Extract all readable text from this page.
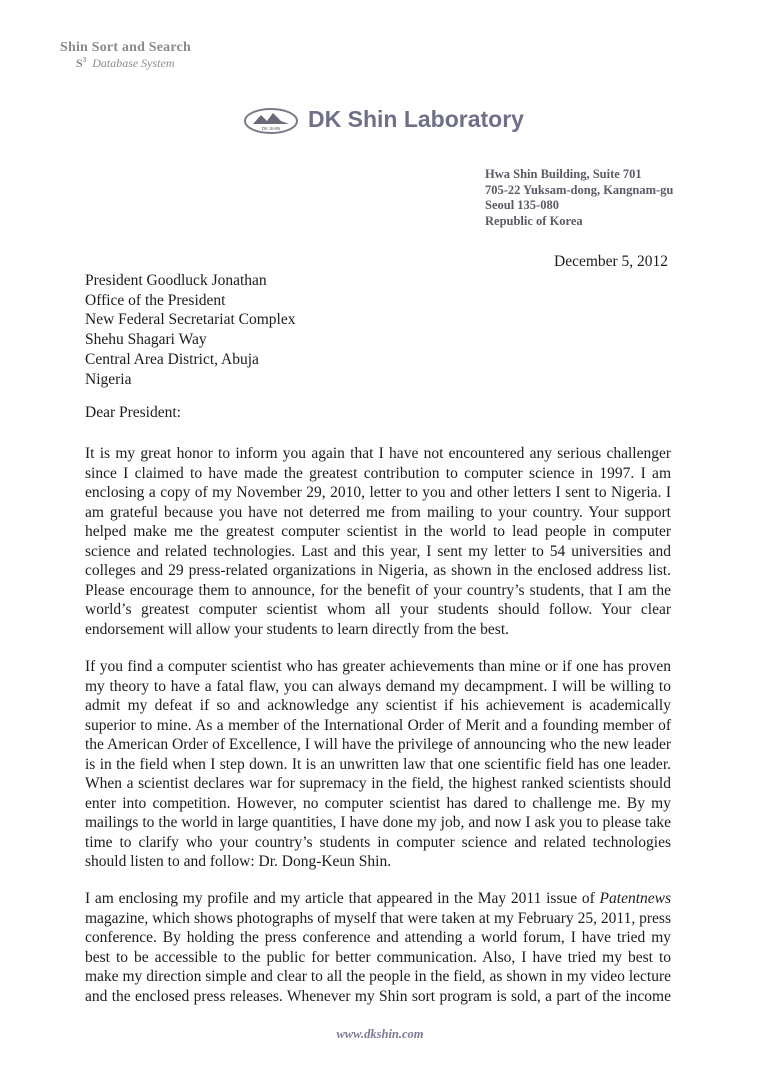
Shin Sort and Search
$S^3$ Database System
DK SHIN DK Shin Laboratory
Hwa Shin Building, Suite 701
705-22 Yuksam-dong, Kangnam-gu
Seoul 135-080
Republic of Korea
December 5, 2012
President Goodluck Jonathan
Office of the President
New Federal Secretariat Complex
Shehu Shagari Way
Central Area District, Abuja
Nigeria
Dear President:
It is my great honor to inform you again that I have not encountered any serious challenger
since I claimed to have made the greatest contribution to computer science in 1997. I am
enclosing a copy of my November 29, 2010, letter to you and other letters I sent to Nigeria. I
am grateful because you have not deterred me from mailing to your country. Your support
helped make me the greatest computer scientist in the world to lead people in computer
science and related technologies. Last and this year, I sent my letter to 54 universities and
colleges and 29 press-related organizations in Nigeria, as shown in the enclosed address list.
Please encourage them to announce, for the benefit of your country’s students, that I am the
world’s greatest computer scientist whom all your students should follow. Your clear
endorsement will allow your students to learn directly from the best.
If you find a computer scientist who has greater achievements than mine or if one has proven
my theory to have a fatal flaw, you can always demand my decampment. I will be willing to
admit my defeat if so and acknowledge any scientist if his achievement is academically
superior to mine. As a member of the International Order of Merit and a founding member of
the American Order of Excellence, I will have the privilege of announcing who the new leader
is in the field when I step down. It is an unwritten law that one scientific field has one leader.
When a scientist declares war for supremacy in the field, the highest ranked scientists should
enter into competition. However, no computer scientist has dared to challenge me. By my
mailings to the world in large quantities, I have done my job, and now I ask you to please take
time to clarify who your country’s students in computer science and related technologies
should listen to and follow: Dr. Dong-Keun Shin.
I am enclosing my profile and my article that appeared in the May 2011 issue of Patentnews
magazine, which shows photographs of myself that were taken at my February 25, 2011, press
conference. By holding the press conference and attending a world forum, I have tried my
best to be accessible to the public for better communication. Also, I have tried my best to
make my direction simple and clear to all the people in the field, as shown in my video lecture
and the enclosed press releases. Whenever my Shin sort program is sold, a part of the income
www.dkshin.com
